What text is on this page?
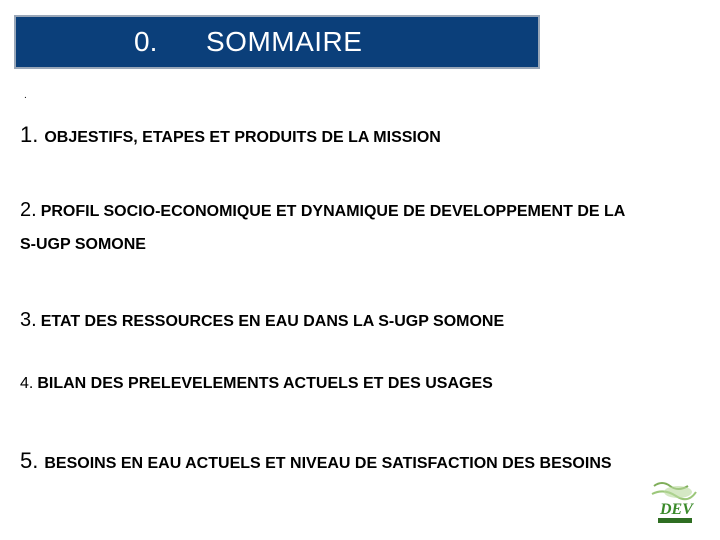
0. SOMMAIRE
.
1. OBJESTIFS, ETAPES ET PRODUITS DE LA MISSION
2. PROFIL SOCIO-ECONOMIQUE ET DYNAMIQUE DE DEVELOPPEMENT DE LA
S-UGP SOMONE
3. ETAT DES RESSOURCES EN EAU DANS LA S-UGP SOMONE
4. BILAN DES PRELEVELEMENTS ACTUELS ET DES USAGES
5. BESOINS EN EAU ACTUELS ET NIVEAU DE SATISFACTION DES BESOINS
DEV
